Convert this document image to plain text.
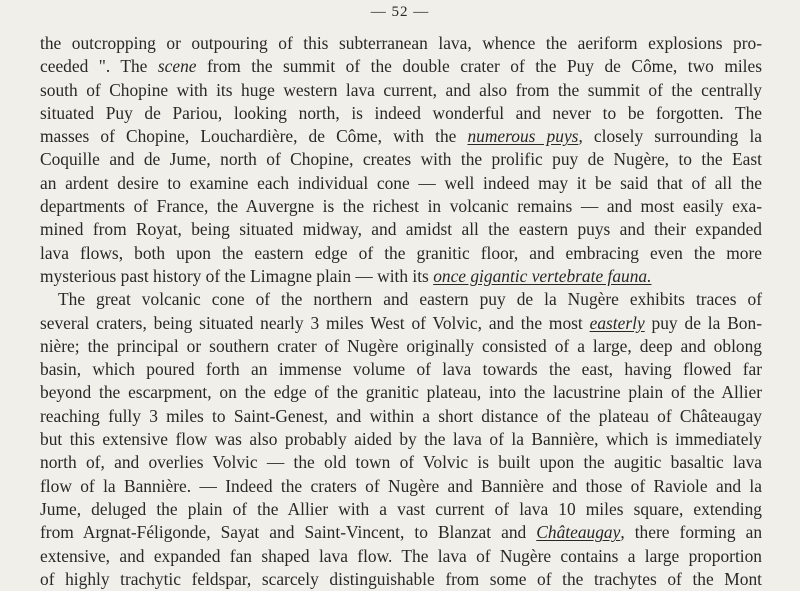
— 52 —
the outcropping or outpouring of this subterranean lava, whence the aeriform explosions pro-
ceeded ". The scene from the summit of the double crater of the Puy de Côme, two miles
south of Chopine with its huge western lava current, and also from the summit of the centrally
situated Puy de Pariou, looking north, is indeed wonderful and never to be forgotten. The
masses of Chopine, Louchardière, de Côme, with the numerous puys, closely surrounding la
Coquille and de Jume, north of Chopine, creates with the prolific puy de Nugère, to the East
an ardent desire to examine each individual cone — well indeed may it be said that of all the
departments of France, the Auvergne is the richest in volcanic remains — and most easily exa-
mined from Royat, being situated midway, and amidst all the eastern puys and their expanded
lava flows, both upon the eastern edge of the granitic floor, and embracing even the more
mysterious past history of the Limagne plain — with its once gigantic vertebrate fauna.
The great volcanic cone of the northern and eastern puy de la Nugère exhibits traces of
several craters, being situated nearly 3 miles West of Volvic, and the most easterly puy de la Bon-
nière; the principal or southern crater of Nugère originally consisted of a large, deep and oblong
basin, which poured forth an immense volume of lava towards the east, having flowed far
beyond the escarpment, on the edge of the granitic plateau, into the lacustrine plain of the Allier
reaching fully 3 miles to Saint-Genest, and within a short distance of the plateau of Châteaugay
but this extensive flow was also probably aided by the lava of la Bannière, which is immediately
north of, and overlies Volvic — the old town of Volvic is built upon the augitic basaltic lava
flow of la Bannière. — Indeed the craters of Nugère and Bannière and those of Raviole and la
Jume, deluged the plain of the Allier with a vast current of lava 10 miles square, extending
from Argnat-Féligonde, Sayat and Saint-Vincent, to Blanzat and Châteaugay, there forming an
extensive, and expanded fan shaped lava flow. The lava of Nugère contains a large proportion
of highly trachytic feldspar, scarcely distinguishable from some of the trachytes of the Mont
